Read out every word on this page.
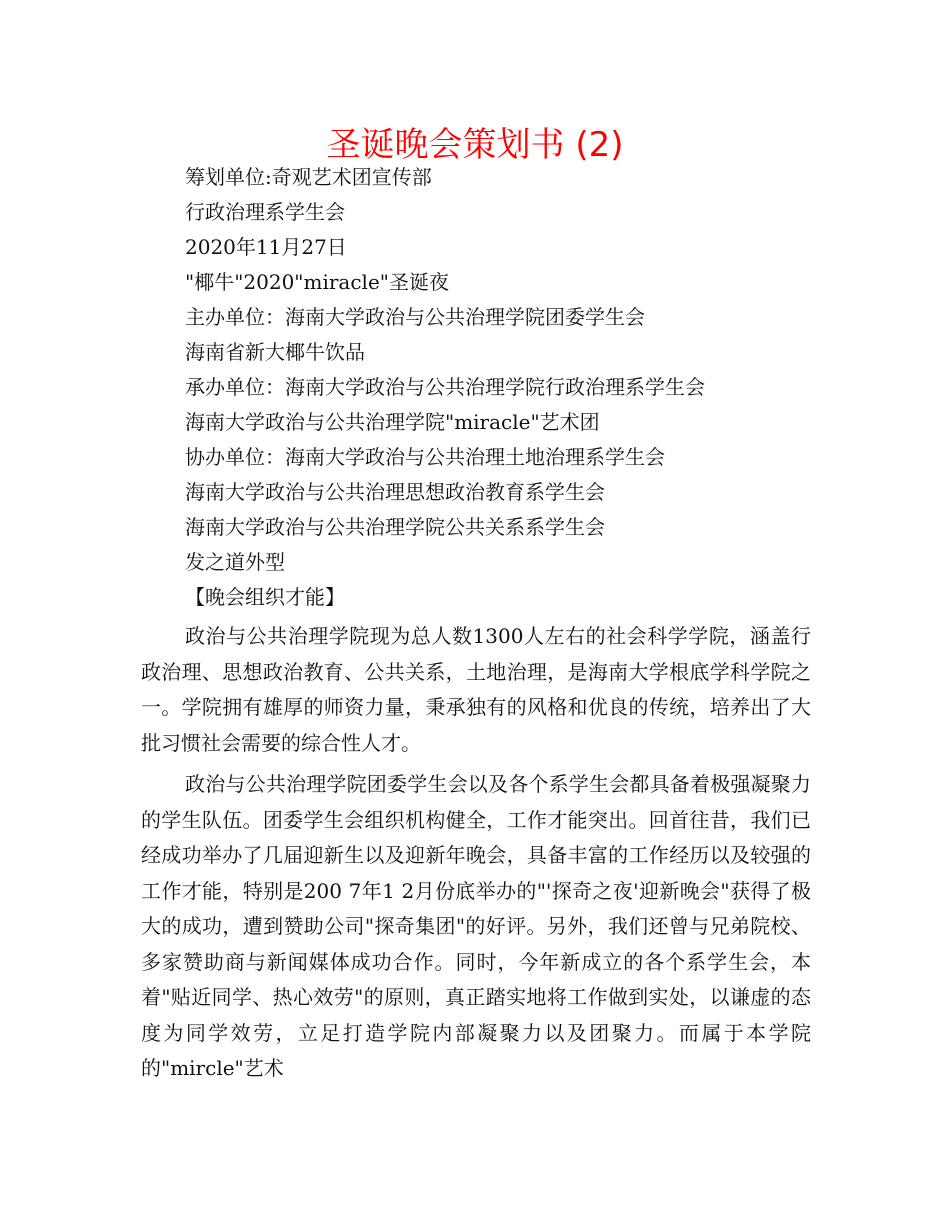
圣诞晚会策划书 (2)
筹划单位:奇观艺术团宣传部
行政治理系学生会
2020年11月27日
"椰牛"2020"miracle"圣诞夜
主办单位：海南大学政治与公共治理学院团委学生会
海南省新大椰牛饮品
承办单位：海南大学政治与公共治理学院行政治理系学生会
海南大学政治与公共治理学院"miracle"艺术团
协办单位：海南大学政治与公共治理土地治理系学生会
海南大学政治与公共治理思想政治教育系学生会
海南大学政治与公共治理学院公共关系系学生会
发之道外型
【晚会组织才能】

政治与公共治理学院现为总人数1300人左右的社会科学学院，涵盖行政治理、思想政治教育、公共关系，土地治理，是海南大学根底学科学院之一。学院拥有雄厚的师资力量，秉承独有的风格和优良的传统，培养出了大批习惯社会需要的综合性人才。

政治与公共治理学院团委学生会以及各个系学生会都具备着极强凝聚力的学生队伍。团委学生会组织机构健全，工作才能突出。回首往昔，我们已经成功举办了几届迎新生以及迎新年晚会，具备丰富的工作经历以及较强的工作才能，特别是200 7年1 2月份底举办的"'探奇之夜'迎新晚会"获得了极大的成功，遭到赞助公司"探奇集团"的好评。另外，我们还曾与兄弟院校、多家赞助商与新闻媒体成功合作。同时，今年新成立的各个系学生会，本着"贴近同学、热心效劳"的原则，真正踏实地将工作做到实处，以谦虚的态度为同学效劳，立足打造学院内部凝聚力以及团聚力。而属于本学院的"mircle"艺术
